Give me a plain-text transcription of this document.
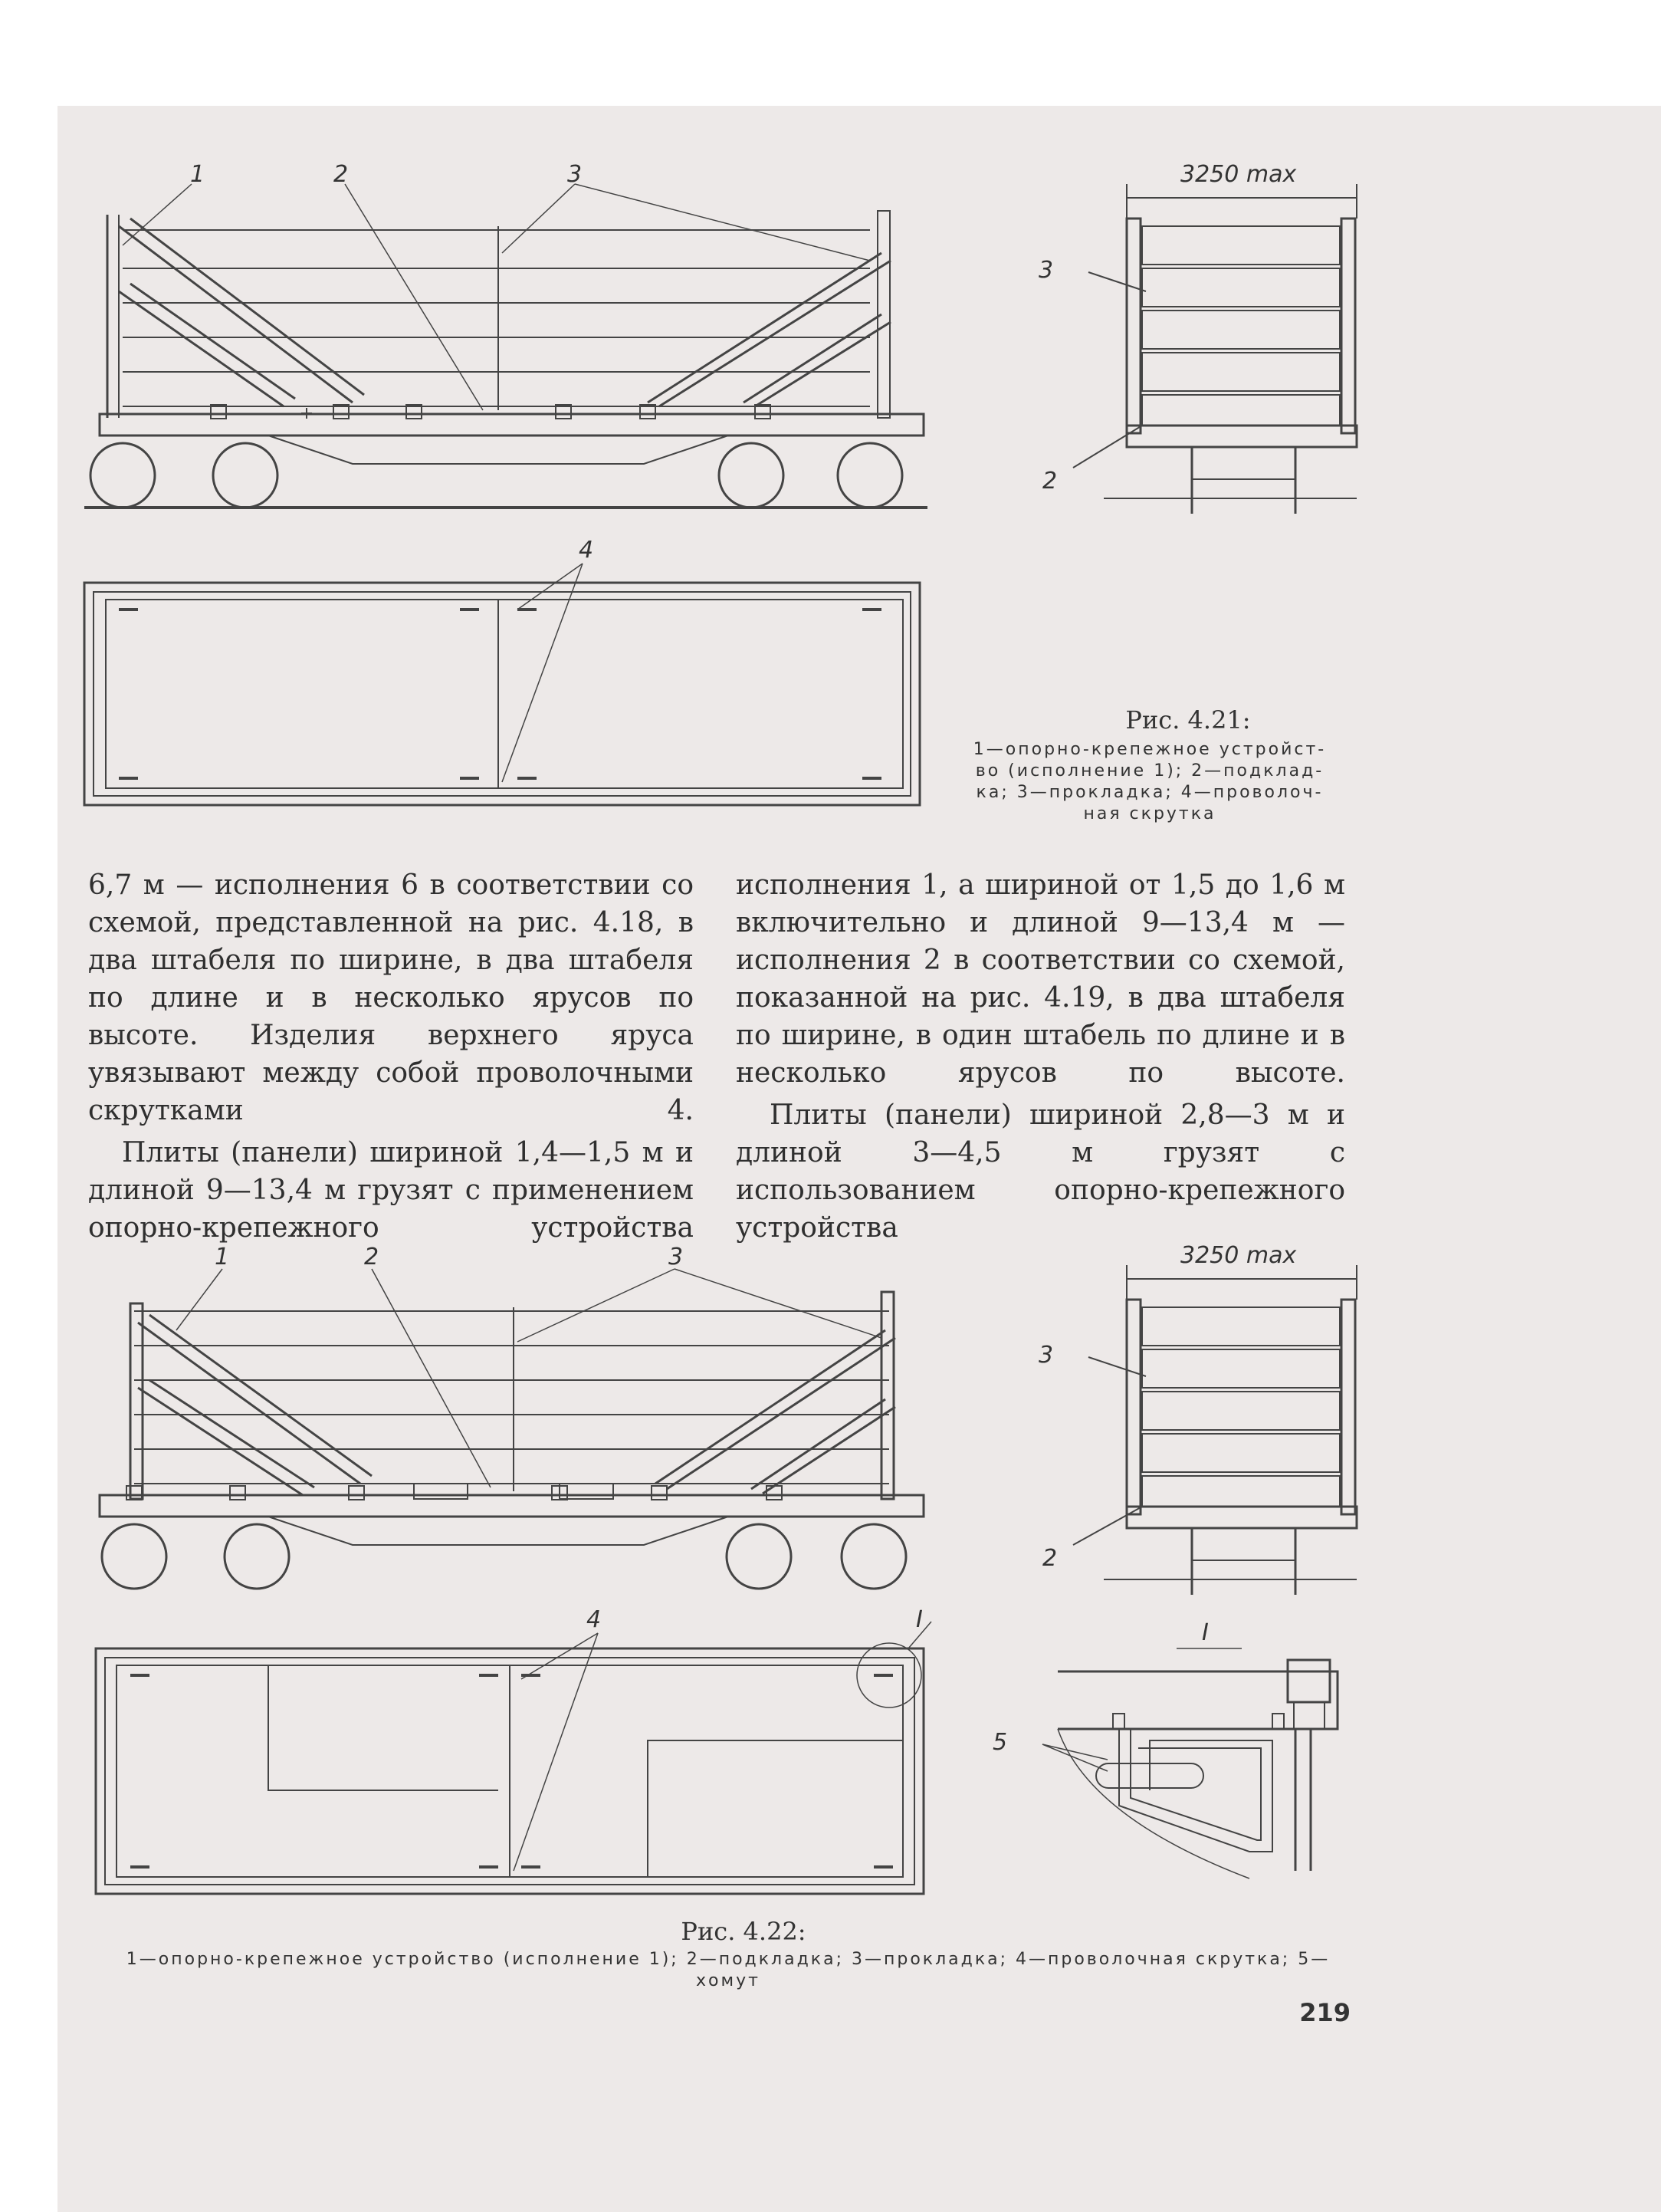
1	2	3	3250 max
3
2
4
Рис. 4.21:
1—опорно-крепежное устройст-
во (исполнение 1); 2—подклад-
ка; 3—прокладка; 4—проволоч-
ная скрутка

6,7 м — исполнения 6 в соответствии со схемой, представленной на рис. 4.18, в два штабеля по ширине, в два штабеля по длине и в несколько ярусов по высоте. Изделия верхнего яруса увязывают между собой проволочными скрутками 4.

Плиты (панели) шириной 1,4—1,5 м и длиной 9—13,4 м грузят с применением опорно-крепежного устройства

исполнения 1, а шириной от 1,5 до 1,6 м включительно и длиной 9—13,4 м — исполнения 2 в соответствии со схемой, показанной на рис. 4.19, в два штабеля по ширине, в один штабель по длине и в несколько ярусов по высоте.

Плиты (панели) шириной 2,8—3 м и длиной 3—4,5 м грузят с использованием опорно-крепежного устройства

1	2	3	3250 max
3
2
4	I	I
5
Рис. 4.22:
1—опорно-крепежное устройство (исполнение 1); 2—подкладка; 3—прокладка; 4—проволочная скрутка; 5—
хомут
219
